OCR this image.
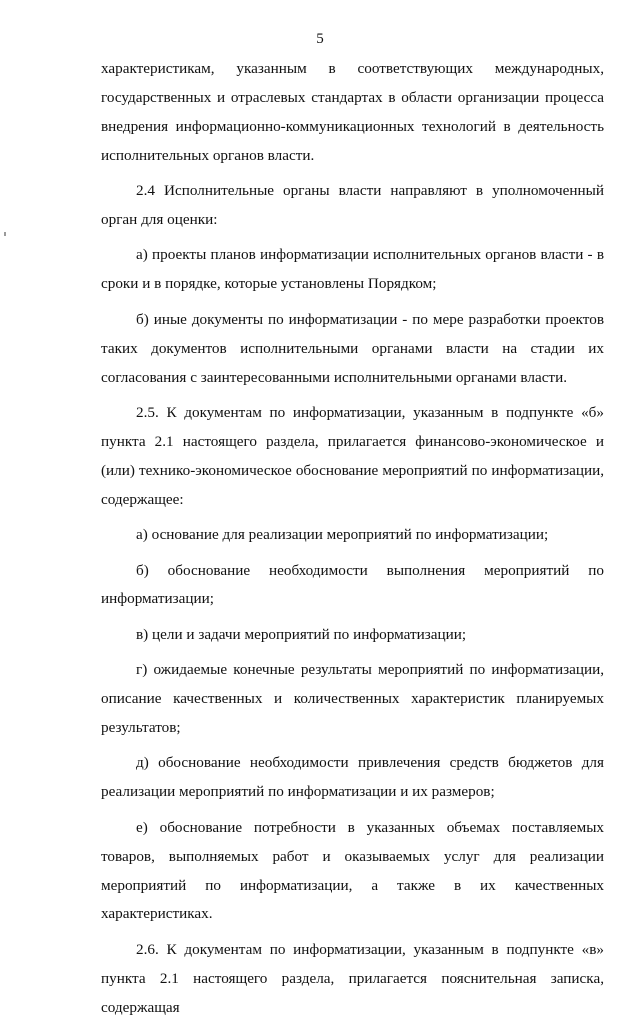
5

характеристикам, указанным в соответствующих международных, государственных и отраслевых стандартах в области организации процесса внедрения информационно-коммуникационных технологий в деятельность исполнительных органов власти.

2.4 Исполнительные органы власти направляют в уполномоченный орган для оценки:

а) проекты планов информатизации исполнительных органов власти - в сроки и в порядке, которые установлены Порядком;

б) иные документы по информатизации - по мере разработки проектов таких документов исполнительными органами власти на стадии их согласования с заинтересованными исполнительными органами власти.

2.5. К документам по информатизации, указанным в подпункте «б» пункта 2.1 настоящего раздела, прилагается финансово-экономическое и (или) технико-экономическое обоснование мероприятий по информатизации, содержащее:

а) основание для реализации мероприятий по информатизации;

б) обоснование необходимости выполнения мероприятий по информатизации;

в) цели и задачи мероприятий по информатизации;

г) ожидаемые конечные результаты мероприятий по информатизации, описание качественных и количественных характеристик планируемых результатов;

д) обоснование необходимости привлечения средств бюджетов для реализации мероприятий по информатизации и их размеров;

е) обоснование потребности в указанных объемах поставляемых товаров, выполняемых работ и оказываемых услуг для реализации мероприятий по информатизации, а также в их качественных характеристиках.

2.6. К документам по информатизации, указанным в подпункте «в» пункта 2.1 настоящего раздела, прилагается пояснительная записка, содержащая
